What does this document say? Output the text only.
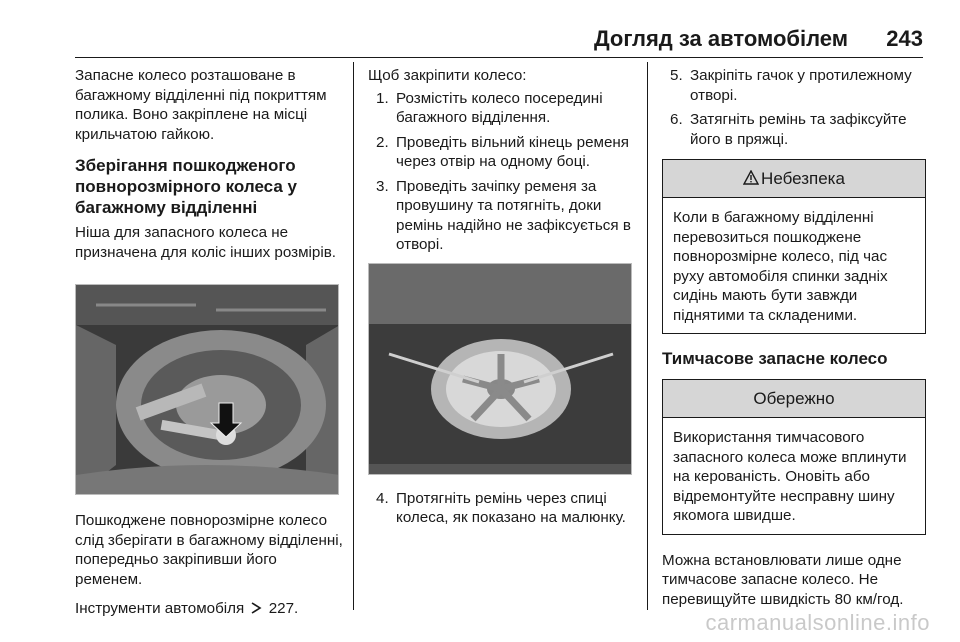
Догляд за автомобілем 243

Запасне колесо розташоване в багажному відділенні під покриттям полика. Воно закріплене на місці крильчатою гайкою.

Зберігання пошкодженого повнорозмірного колеса у багажному відділенні

Ніша для запасного колеса не призначена для коліс інших розмірів.

Пошкоджене повнорозмірне колесо слід зберігати в багажному відділенні, попередньо закріпивши його ременем.

Інструменти автомобіля 227.

Щоб закріпити колесо:

1. Розмістіть колесо посередині багажного відділення.
2. Проведіть вільний кінець ременя через отвір на одному боці.
3. Проведіть зачіпку ременя за провушину та потягніть, доки ремінь надійно не зафіксується в отворі.
4. Протягніть ремінь через спиці колеса, як показано на малюнку.
5. Закріпіть гачок у протилежному отворі.
6. Затягніть ремінь та зафіксуйте його в пряжці.
Небезпека
Коли в багажному відділенні перевозиться пошкоджене повнорозмірне колесо, під час руху автомобіля спинки задніх сидінь мають бути завжди піднятими та складеними.
Тимчасове запасне колесо
Обережно
Використання тимчасового запасного колеса може вплинути на керованість. Оновіть або відремонтуйте несправну шину якомога швидше.

Можна встановлювати лише одне тимчасове запасне колесо. Не перевищуйте швидкість 80 км/год.

carmanualsonline.info
